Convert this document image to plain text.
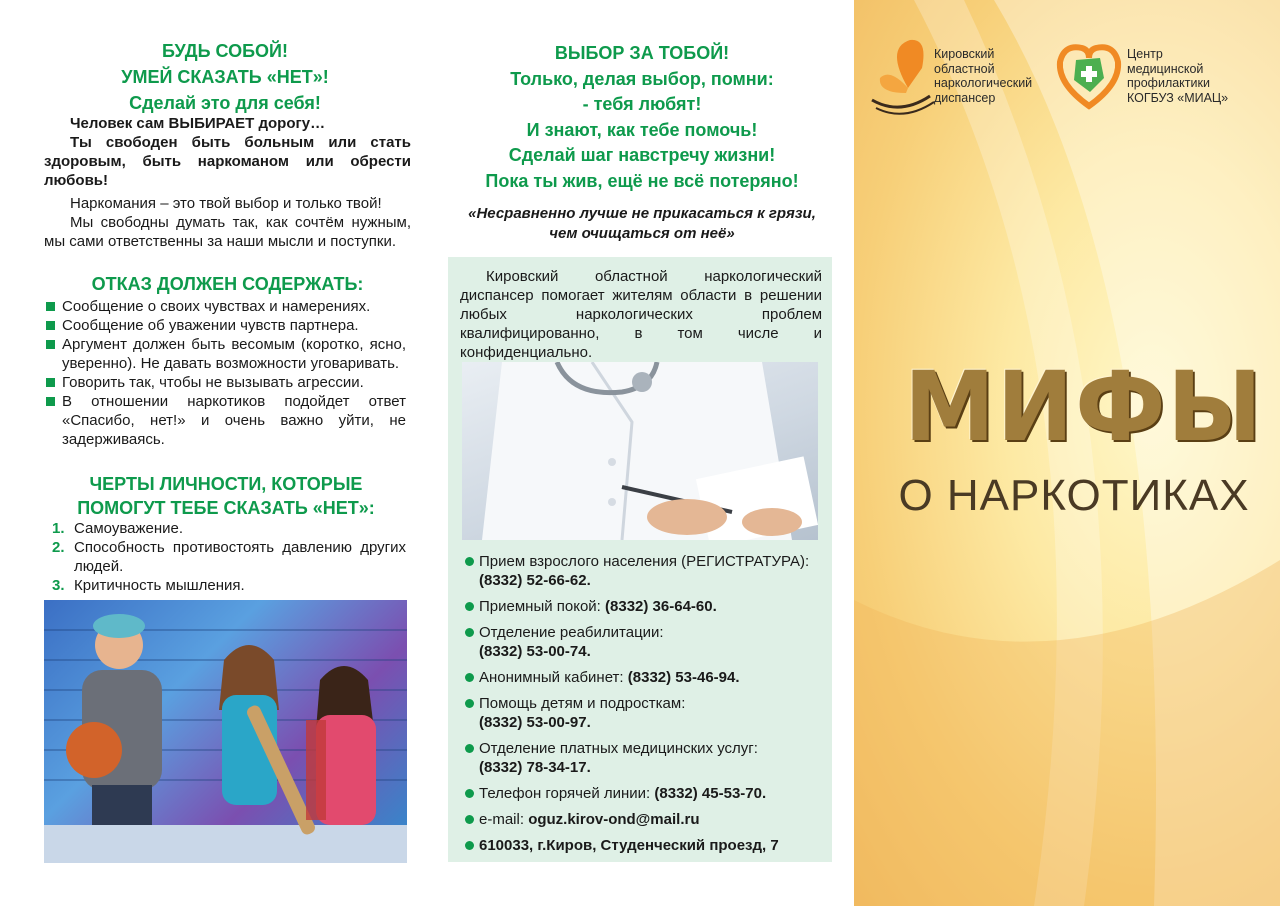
БУДЬ СОБОЙ!
УМЕЙ СКАЗАТЬ «НЕТ»!
Сделай это для себя!
Человек сам ВЫБИРАЕТ дорогу…
Ты свободен быть больным или стать здоровым, быть наркоманом или обрести любовь!
Наркомания – это твой выбор и только твой!
Мы свободны думать так, как сочтём нужным, мы сами ответственны за наши мысли и поступки.
ОТКАЗ ДОЛЖЕН СОДЕРЖАТЬ:
Сообщение о своих чувствах и намерениях.
Сообщение об уважении чувств партнера.
Аргумент должен быть весомым (коротко, ясно, уверенно). Не давать возможности уговаривать.
Говорить так, чтобы не вызывать агрессии.
В отношении наркотиков подойдет ответ «Спасибо, нет!» и очень важно уйти, не задерживаясь.
ЧЕРТЫ ЛИЧНОСТИ, КОТОРЫЕ
ПОМОГУТ ТЕБЕ СКАЗАТЬ «НЕТ»:
1. Самоуважение.
2. Способность противостоять давлению других людей.
3. Критичность мышления.
ВЫБОР ЗА ТОБОЙ!
Только, делая выбор, помни:
- тебя любят!
И знают, как тебе помочь!
Сделай шаг навстречу жизни!
Пока ты жив, ещё не всё потеряно!
«Несравненно лучше не прикасаться к грязи,
чем очищаться от неё»
Кировский областной наркологический диспансер помогает жителям области в решении любых наркологических проблем квалифицированно, в том числе и конфиденциально.
Прием взрослого населения (РЕГИСТРАТУРА): (8332) 52-66-62.
Приемный покой: (8332) 36-64-60.
Отделение реабилитации:
(8332) 53-00-74.
Анонимный кабинет: (8332) 53-46-94.
Помощь детям и подросткам:
(8332) 53-00-97.
Отделение платных медицинских услуг:
(8332) 78-34-17.
Телефон горячей линии: (8332) 45-53-70.
e-mail: oguz.kirov-ond@mail.ru
610033, г.Киров, Студенческий проезд, 7
Кировский
областной
наркологический
диспансер
Центр
медицинской
профилактики
КОГБУЗ «МИАЦ»
МИФЫ
О НАРКОТИКАХ
